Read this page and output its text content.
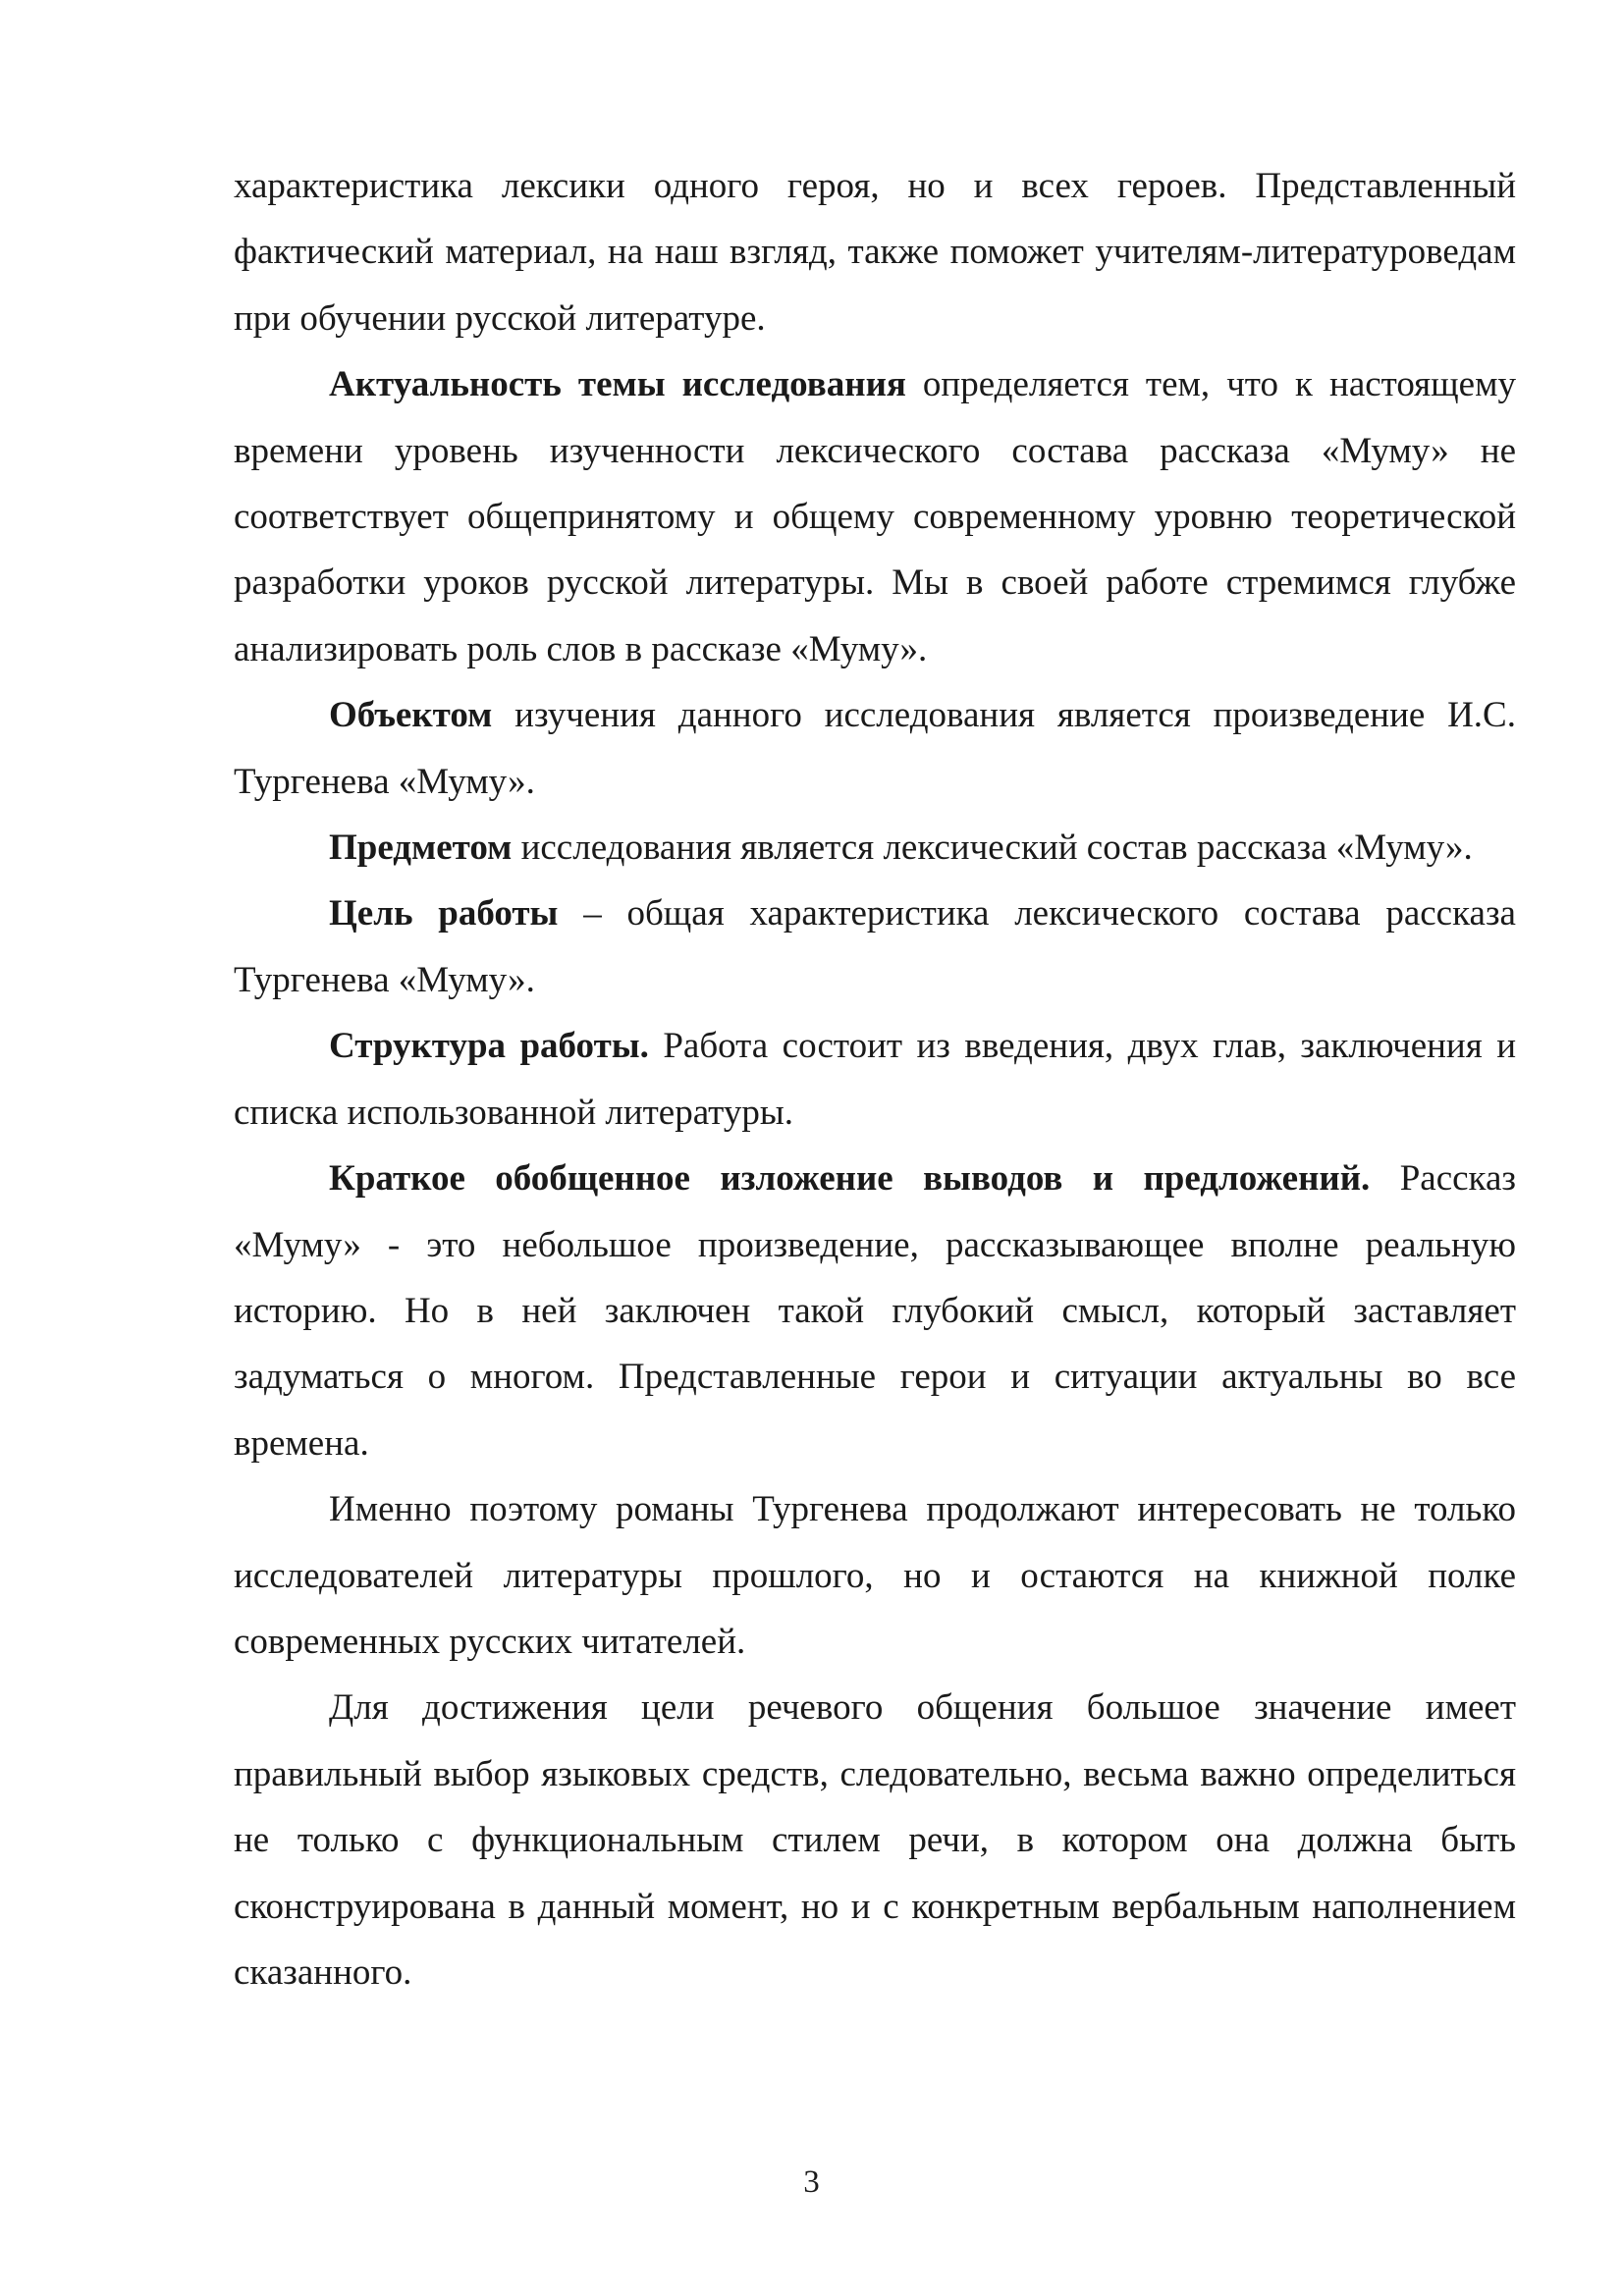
характеристика лексики одного героя, но и всех героев. Представленный фактический материал, на наш взгляд, также поможет учителям-литературоведам при обучении русской литературе.

Актуальность темы исследования определяется тем, что к настоящему времени уровень изученности лексического состава рассказа «Муму» не соответствует общепринятому и общему современному уровню теоретической разработки уроков русской литературы. Мы в своей работе стремимся глубже анализировать роль слов в рассказе «Муму».

Объектом изучения данного исследования является произведение И.С. Тургенева «Муму».

Предметом исследования является лексический состав рассказа «Муму».

Цель работы – общая характеристика лексического состава рассказа Тургенева «Муму».

Структура работы. Работа состоит из введения, двух глав, заключения и списка использованной литературы.

Краткое обобщенное изложение выводов и предложений. Рассказ «Муму» - это небольшое произведение, рассказывающее вполне реальную историю. Но в ней заключен такой глубокий смысл, который заставляет задуматься о многом. Представленные герои и ситуации актуальны во все времена.

Именно поэтому романы Тургенева продолжают интересовать не только исследователей литературы прошлого, но и остаются на книжной полке современных русских читателей.

Для достижения цели речевого общения большое значение имеет правильный выбор языковых средств, следовательно, весьма важно определиться не только с функциональным стилем речи, в котором она должна быть сконструирована в данный момент, но и с конкретным вербальным наполнением сказанного.

3
